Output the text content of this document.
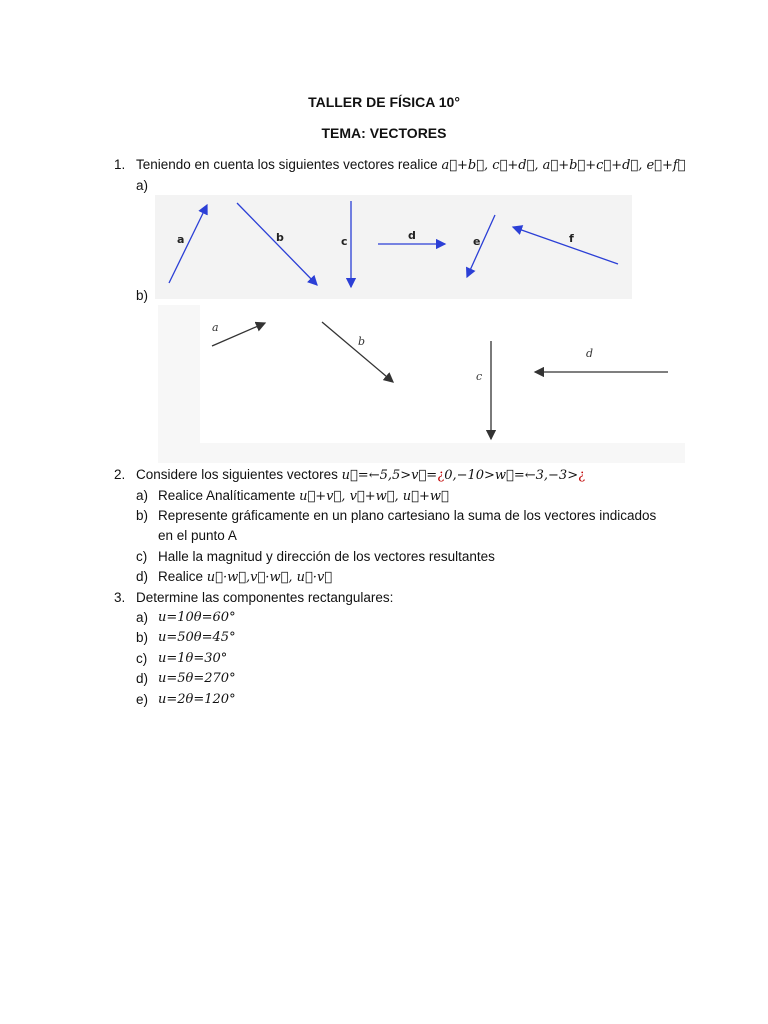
TALLER DE FÍSICA 10°
TEMA: VECTORES
1. Teniendo en cuenta los siguientes vectores realice a⃗+b⃗, c⃗+d⃗, a⃗+b⃗+c⃗+d⃗, e⃗+f⃗
a)
a	b	c	d	e	f
b)
a
b
c
d
2. Considere los siguientes vectores u⃗=←5,5>v⃗=¿0,−10>w⃗=←3,−3>¿
a) Realice Analíticamente u⃗+v⃗, v⃗+w⃗, u⃗+w⃗
b) Represente gráficamente en un plano cartesiano la suma de los vectores indicados
en el punto A
c) Halle la magnitud y dirección de los vectores resultantes
d) Realice u⃗·w⃗,v⃗·w⃗, u⃗·v⃗
3. Determine las componentes rectangulares:
a) u=10θ=60°
b) u=50θ=45°
c) u=1θ=30°
d) u=5θ=270°
e) u=2θ=120°
